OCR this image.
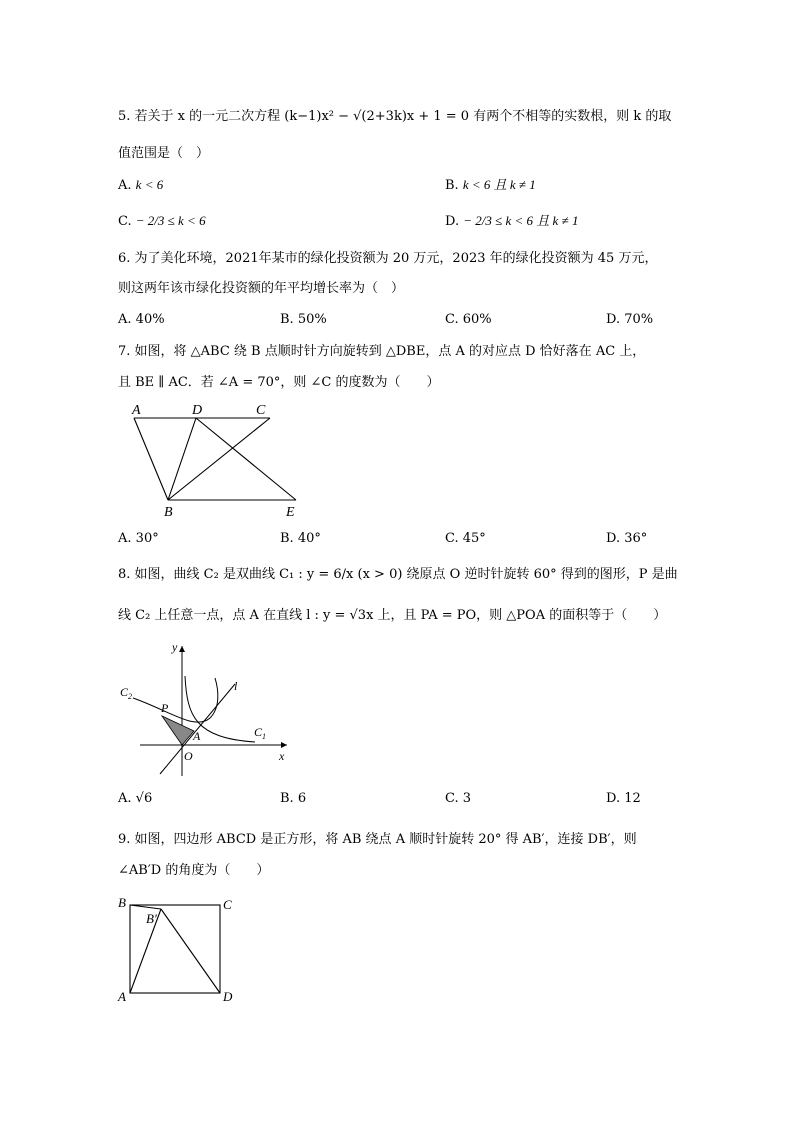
5. 若关于 x 的一元二次方程 (k−1)x² − √(2+3k)x + 1 = 0 有两个不相等的实数根，则 k 的取
值范围是（　）
A. k < 6	B. k < 6 且 k ≠ 1
C. − 2/3 ≤ k < 6	D. − 2/3 ≤ k < 6 且 k ≠ 1
6. 为了美化环境，2021年某市的绿化投资额为 20 万元，2023 年的绿化投资额为 45 万元，
则这两年该市绿化投资额的年平均增长率为（　）
A. 40%	B. 50%	C. 60%	D. 70%
7. 如图，将 △ABC 绕 B 点顺时针方向旋转到 △DBE，点 A 的对应点 D 恰好落在 AC 上，
且 BE ∥ AC．若 ∠A = 70°，则 ∠C 的度数为（　　）
A	D	C
B	E
A. 30°	B. 40°	C. 45°	D. 36°
8. 如图，曲线 C₂ 是双曲线 C₁ : y = 6/x (x > 0) 绕原点 O 逆时针旋转 60° 得到的图形，P 是曲
线 C₂ 上任意一点，点 A 在直线 l : y = √3x 上，且 PA = PO，则 △POA 的面积等于（　　）
y
x
O
P
A
l
$C_1$
$C_2$
A. √6	B. 6	C. 3	D. 12
9. 如图，四边形 ABCD 是正方形，将 AB 绕点 A 顺时针旋转 20° 得 AB′，连接 DB′，则
∠AB′D 的角度为（　　）
B
B′
C
A	D
